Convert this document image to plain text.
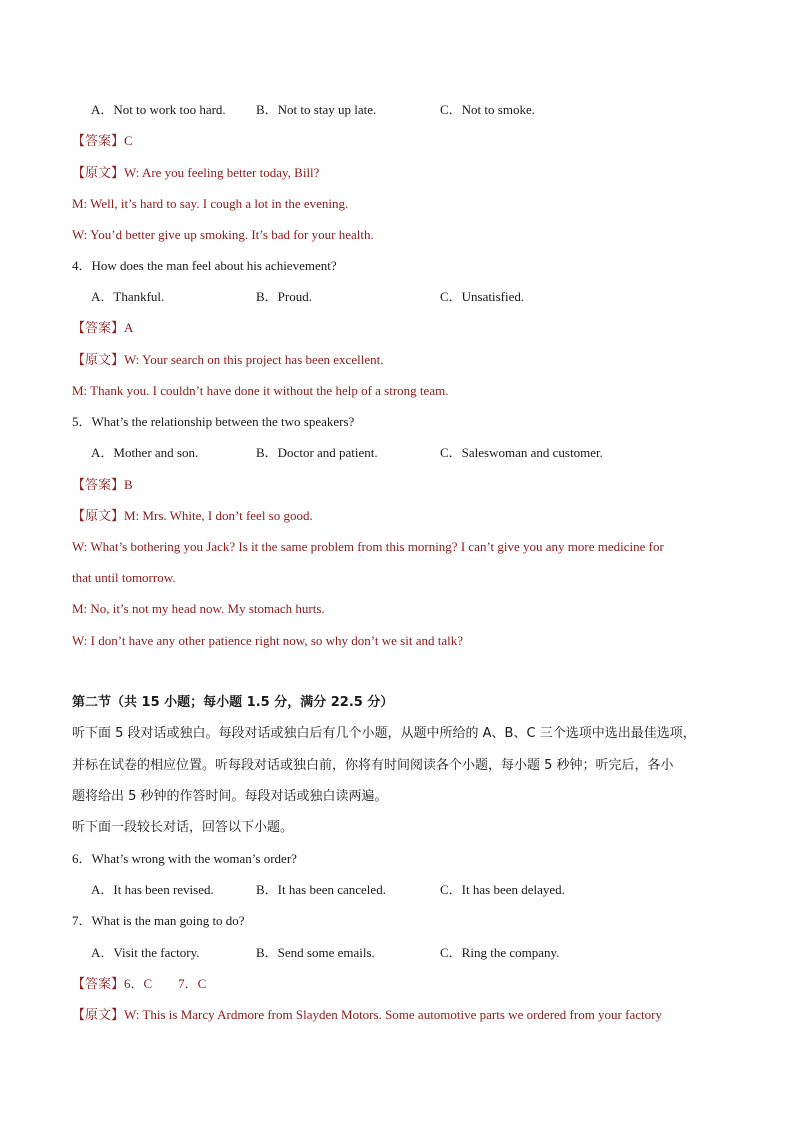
A．Not to work too hard. B．Not to stay up late.	C．Not to smoke.
【答案】C
【原文】W: Are you feeling better today, Bill?
M: Well, it’s hard to say. I cough a lot in the evening.
W: You’d better give up smoking. It’s bad for your health.
4．How does the man feel about his achievement?
A．Thankful.	B．Proud.	C．Unsatisfied.
【答案】A
【原文】W: Your search on this project has been excellent.
M: Thank you. I couldn’t have done it without the help of a strong team.
5．What’s the relationship between the two speakers?
A．Mother and son.	B．Doctor and patient.	C．Saleswoman and customer.
【答案】B
【原文】M: Mrs. White, I don’t feel so good.
W: What’s bothering you Jack? Is it the same problem from this morning? I can’t give you any more medicine for
that until tomorrow.
M: No, it’s not my head now. My stomach hurts.
W: I don’t have any other patience right now, so why don’t we sit and talk?
第二节（共 15 小题；每小题 1.5 分，满分 22.5 分）
听下面 5 段对话或独白。每段对话或独白后有几个小题，从题中所给的 A、B、C 三个选项中选出最佳选项，
并标在试卷的相应位置。听每段对话或独白前，你将有时间阅读各个小题，每小题 5 秒钟；听完后，各小
题将给出 5 秒钟的作答时间。每段对话或独白读两遍。
听下面一段较长对话，回答以下小题。
6．What’s wrong with the woman’s order?
A．It has been revised.	B．It has been canceled.	C．It has been delayed.
7．What is the man going to do?
A．Visit the factory.	B．Send some emails.	C．Ring the company.
【答案】6．C        7．C
【原文】W: This is Marcy Ardmore from Slayden Motors. Some automotive parts we ordered from your factory
